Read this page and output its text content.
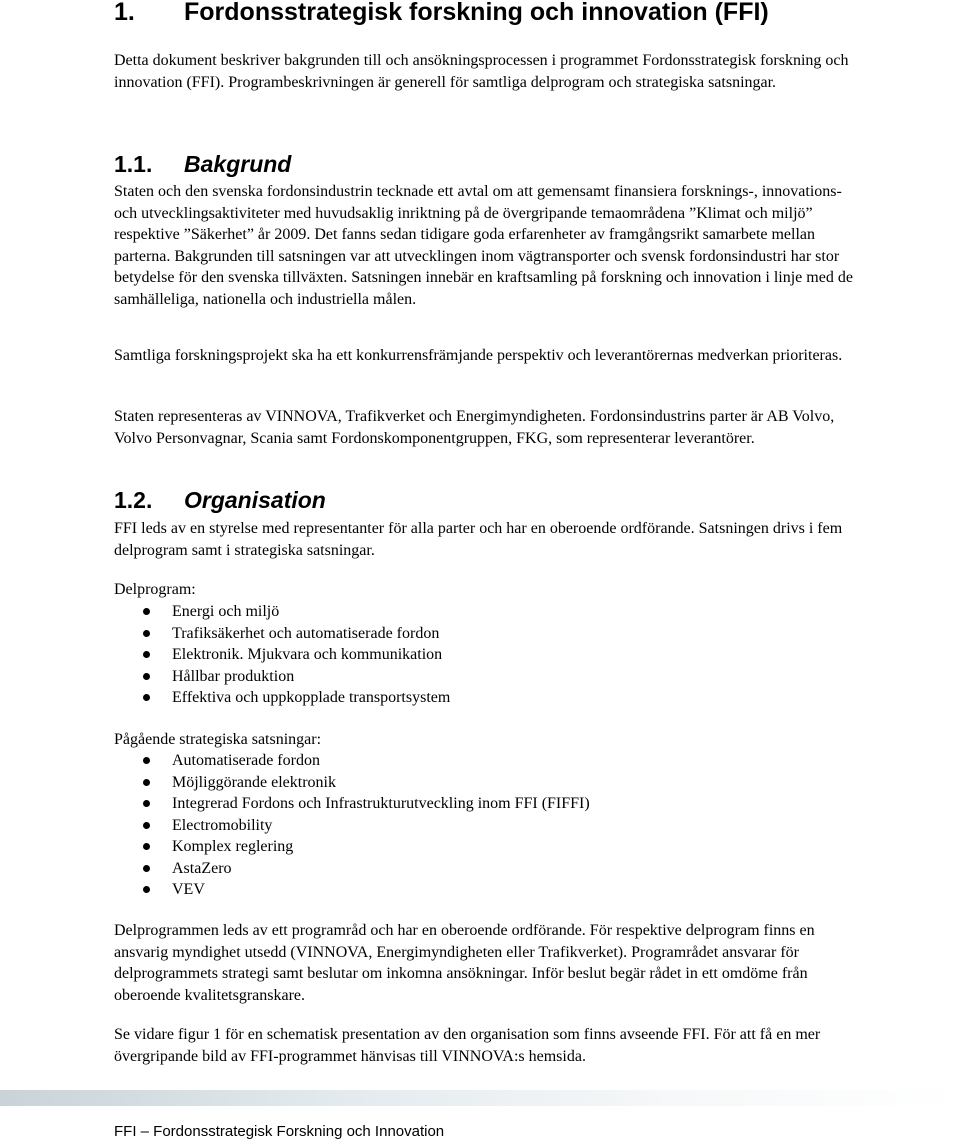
1. Fordonsstrategisk forskning och innovation (FFI)

Detta dokument beskriver bakgrunden till och ansökningsprocessen i programmet Fordonsstrategisk forskning och innovation (FFI). Programbeskrivningen är generell för samtliga delprogram och strategiska satsningar.

1.1. Bakgrund

Staten och den svenska fordonsindustrin tecknade ett avtal om att gemensamt finansiera forsknings-, innovations- och utvecklingsaktiviteter med huvudsaklig inriktning på de övergripande temaområdena ”Klimat och miljö” respektive ”Säkerhet” år 2009. Det fanns sedan tidigare goda erfarenheter av framgångsrikt samarbete mellan parterna. Bakgrunden till satsningen var att utvecklingen inom vägtransporter och svensk fordonsindustri har stor betydelse för den svenska tillväxten. Satsningen innebär en kraftsamling på forskning och innovation i linje med de samhälleliga, nationella och industriella målen.

Samtliga forskningsprojekt ska ha ett konkurrensfrämjande perspektiv och leverantörernas medverkan prioriteras.

Staten representeras av VINNOVA, Trafikverket och Energimyndigheten. Fordonsindustrins parter är AB Volvo, Volvo Personvagnar, Scania samt Fordonskomponentgruppen, FKG, som representerar leverantörer.

1.2. Organisation

FFI leds av en styrelse med representanter för alla parter och har en oberoende ordförande. Satsningen drivs i fem delprogram samt i strategiska satsningar.

Delprogram:
Energi och miljö
Trafiksäkerhet och automatiserade fordon
Elektronik. Mjukvara och kommunikation
Hållbar produktion
Effektiva och uppkopplade transportsystem
Pågående strategiska satsningar:
Automatiserade fordon
Möjliggörande elektronik
Integrerad Fordons och Infrastrukturutveckling inom FFI (FIFFI)
Electromobility
Komplex reglering
AstaZero
VEV

Delprogrammen leds av ett programråd och har en oberoende ordförande. För respektive delprogram finns en ansvarig myndighet utsedd (VINNOVA, Energimyndigheten eller Trafikverket). Programrådet ansvarar för delprogrammets strategi samt beslutar om inkomna ansökningar. Inför beslut begär rådet in ett omdöme från oberoende kvalitetsgranskare.

Se vidare figur 1 för en schematisk presentation av den organisation som finns avseende FFI. För att få en mer övergripande bild av FFI-programmet hänvisas till VINNOVA:s hemsida.

FFI – Fordonsstrategisk Forskning och Innovation
